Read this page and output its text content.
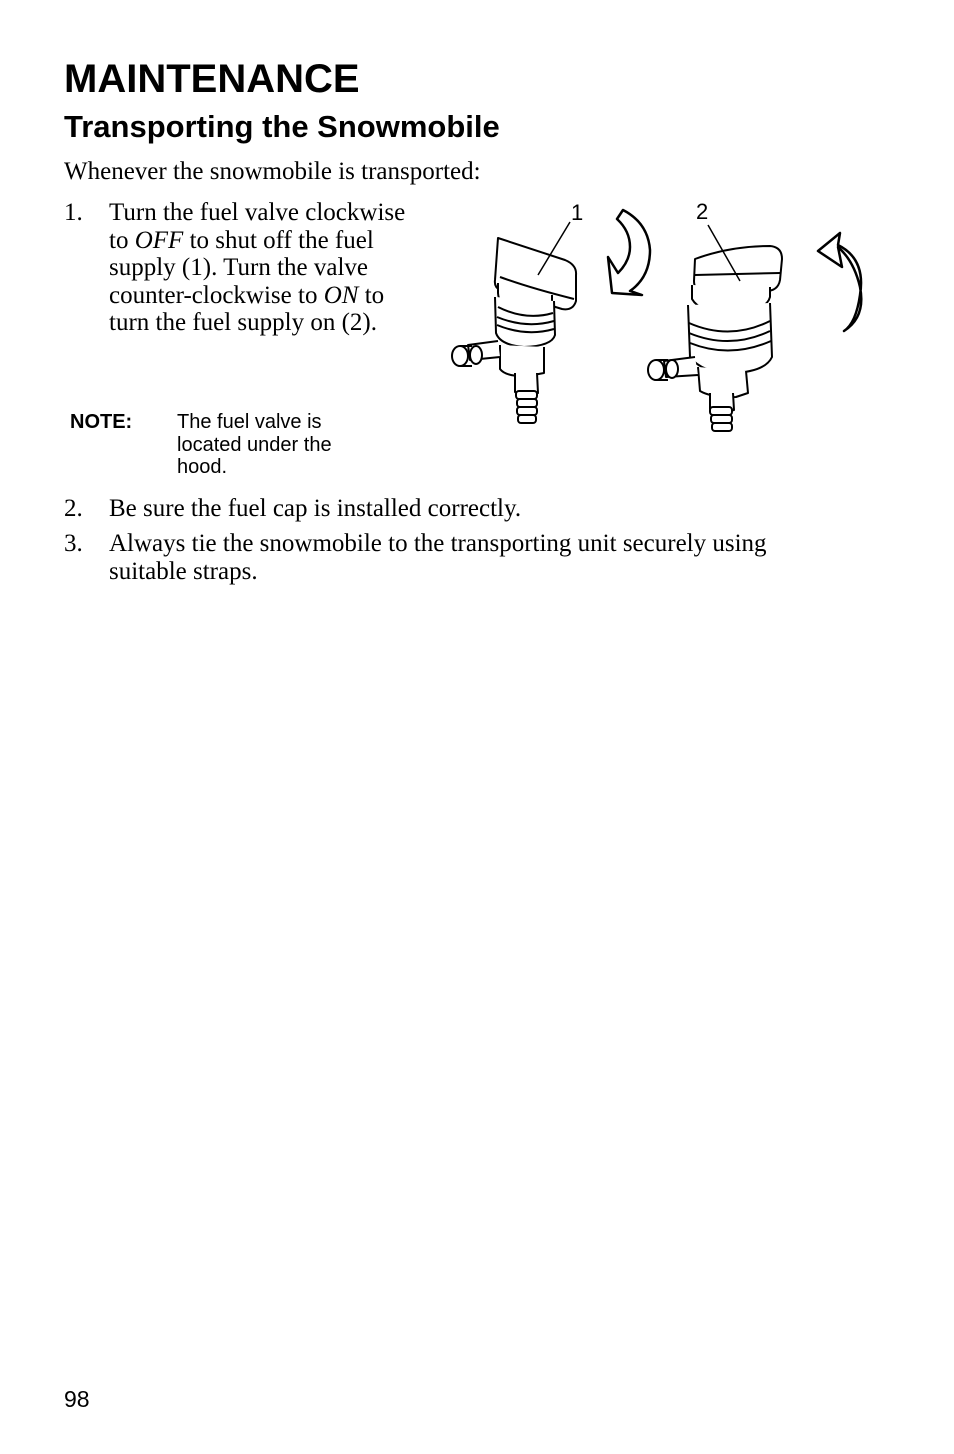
MAINTENANCE
Transporting the Snowmobile

Whenever the snowmobile is transported:

1. Turn the fuel valve clockwise to OFF to shut off the fuel supply (1). Turn the valve counter-clockwise to ON to turn the fuel supply on (2).
NOTE: The fuel valve is located under the hood.
1	2
2. Be sure the fuel cap is installed correctly.
3. Always tie the snowmobile to the transporting unit securely using suitable straps.
98
